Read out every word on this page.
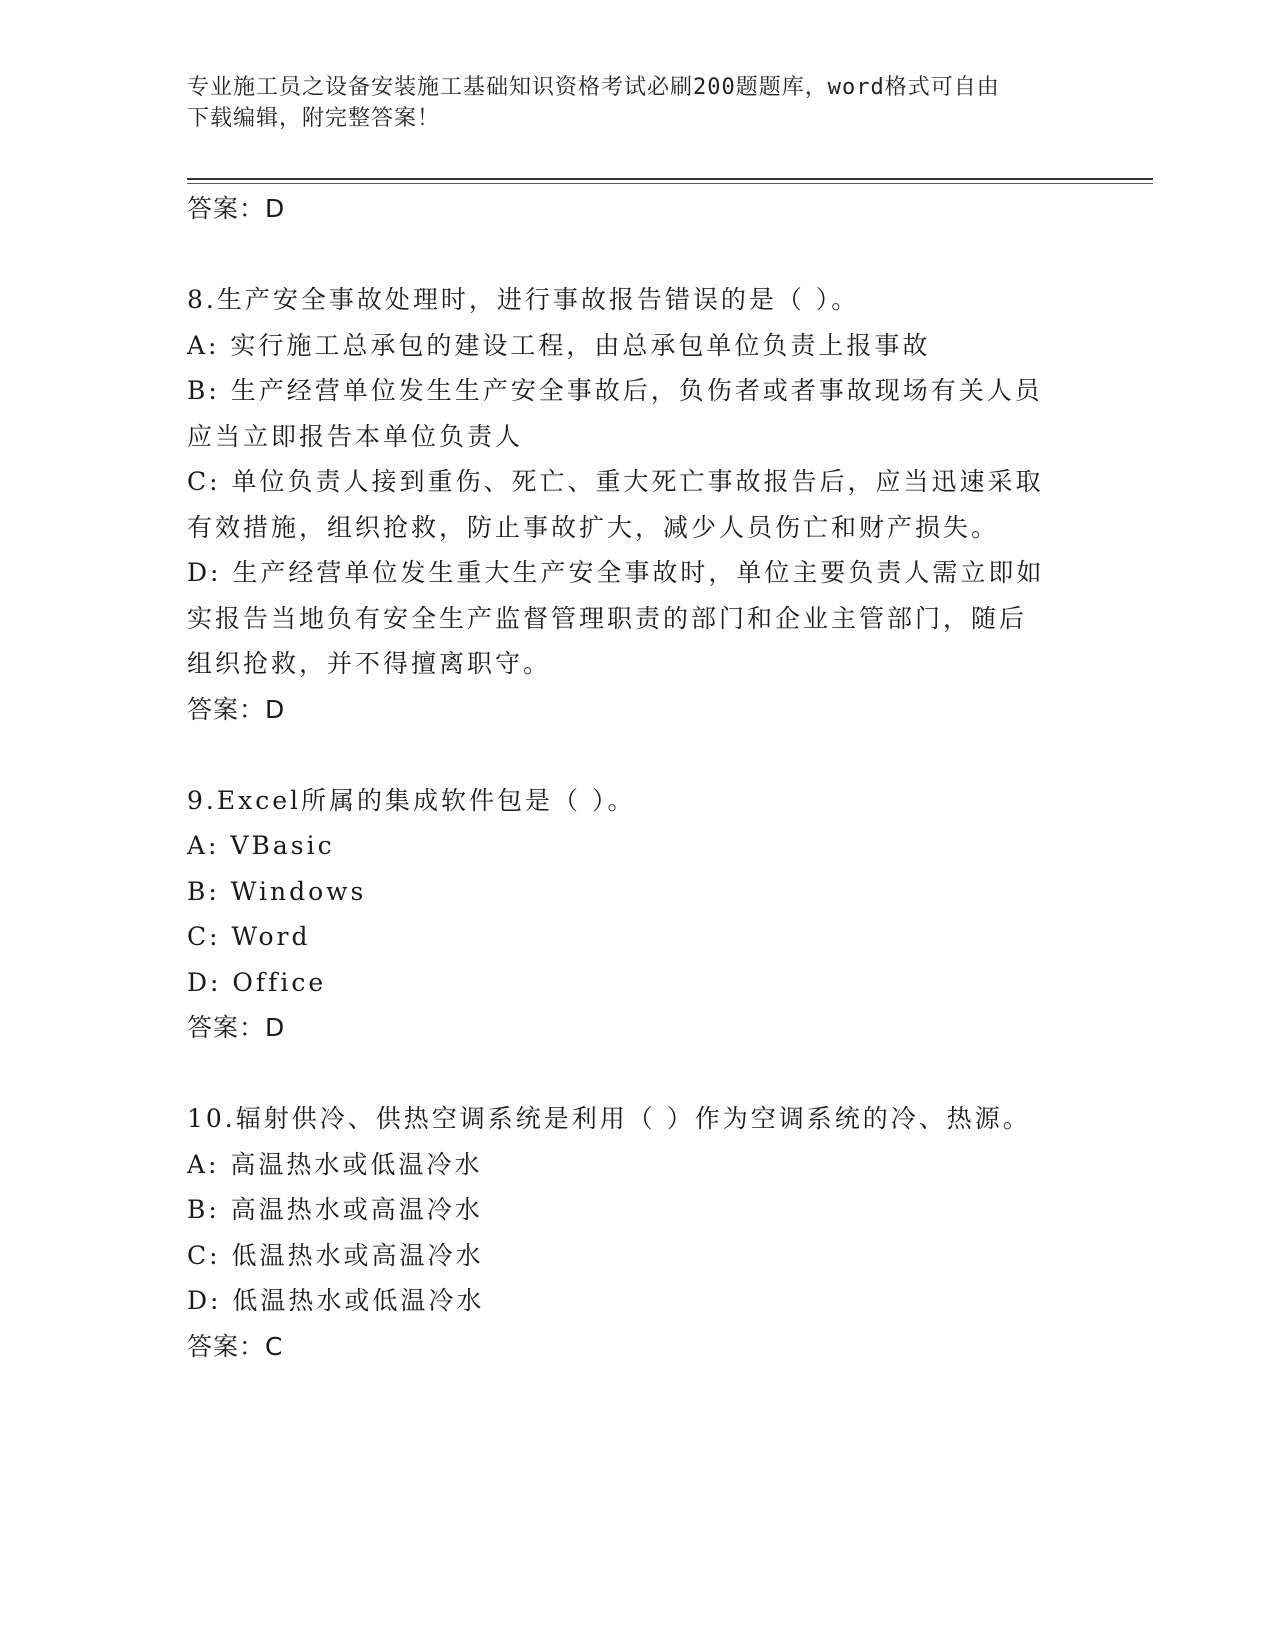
专业施工员之设备安装施工基础知识资格考试必刷200题题库，word格式可自由
下载编辑，附完整答案！
答案：D
8.生产安全事故处理时，进行事故报告错误的是（ ）。
A: 实行施工总承包的建设工程，由总承包单位负责上报事故
B: 生产经营单位发生生产安全事故后，负伤者或者事故现场有关人员
应当立即报告本单位负责人
C: 单位负责人接到重伤、死亡、重大死亡事故报告后，应当迅速采取
有效措施，组织抢救，防止事故扩大，减少人员伤亡和财产损失。
D: 生产经营单位发生重大生产安全事故时，单位主要负责人需立即如
实报告当地负有安全生产监督管理职责的部门和企业主管部门，随后
组织抢救，并不得擅离职守。
答案：D
9.Excel所属的集成软件包是（ ）。
A: VBasic
B: Windows
C: Word
D: Office
答案：D
10.辐射供冷、供热空调系统是利用（ ）作为空调系统的冷、热源。
A: 高温热水或低温冷水
B: 高温热水或高温冷水
C: 低温热水或高温冷水
D: 低温热水或低温冷水
答案：C
